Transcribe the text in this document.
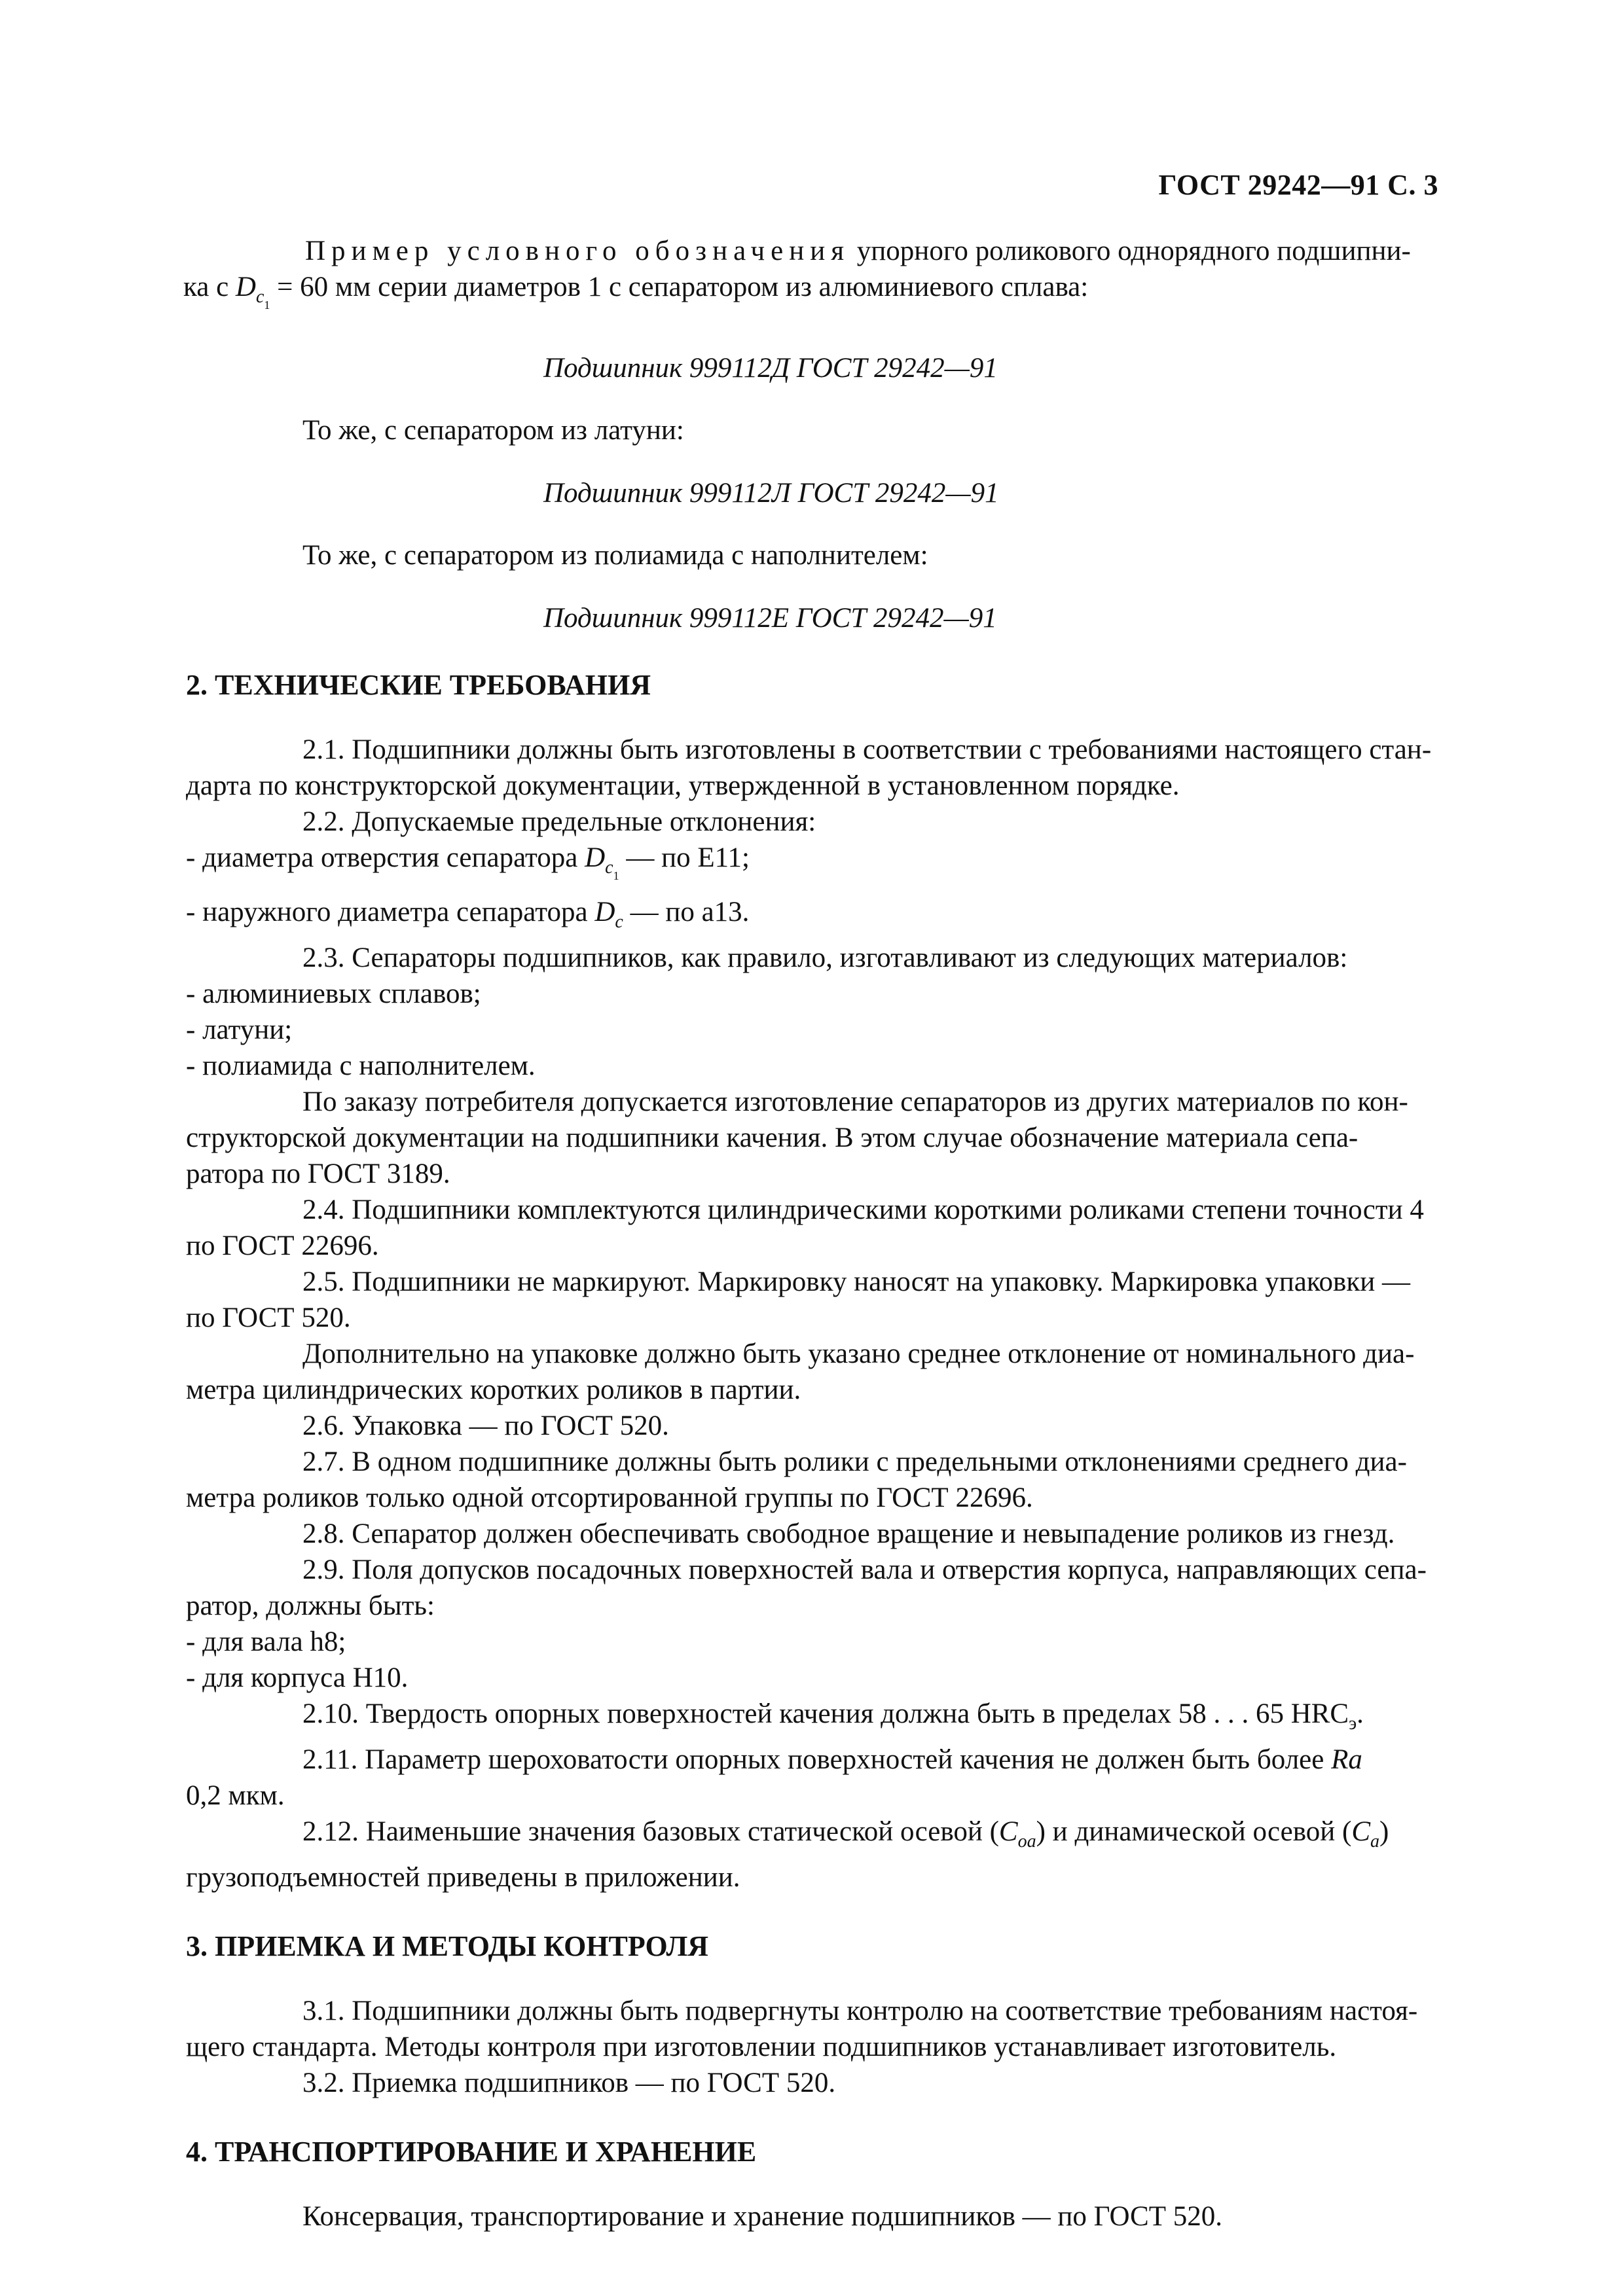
ГОСТ 29242—91 С. 3

Пример условного обозначения упорного роликового однорядного подшипни-

ка с $D_{c1} = 60$ мм серии диаметров 1 с сепаратором из алюминиевого сплава:

Подшипник 999112Д ГОСТ 29242—91

То же, с сепаратором из латуни:

Подшипник 999112Л ГОСТ 29242—91

То же, с сепаратором из полиамида с наполнителем:

Подшипник 999112Е ГОСТ 29242—91

2. ТЕХНИЧЕСКИЕ ТРЕБОВАНИЯ

2.1. Подшипники должны быть изготовлены в соответствии с требованиями настоящего стан-

дарта по конструкторской документации, утвержденной в установленном порядке.

2.2. Допускаемые предельные отклонения:

- диаметра отверстия сепаратора $D_{c1}$ — по E11;

- наружного диаметра сепаратора $D_c$ — по a13.

2.3. Сепараторы подшипников, как правило, изготавливают из следующих материалов:

- алюминиевых сплавов;

- латуни;

- полиамида с наполнителем.

По заказу потребителя допускается изготовление сепараторов из других материалов по кон-

структорской документации на подшипники качения. В этом случае обозначение материала сепа-

ратора по ГОСТ 3189.

2.4. Подшипники комплектуются цилиндрическими короткими роликами степени точности 4

по ГОСТ 22696.

2.5. Подшипники не маркируют. Маркировку наносят на упаковку. Маркировка упаковки —

по ГОСТ 520.

Дополнительно на упаковке должно быть указано среднее отклонение от номинального диа-

метра цилиндрических коротких роликов в партии.

2.6. Упаковка — по ГОСТ 520.

2.7. В одном подшипнике должны быть ролики с предельными отклонениями среднего диа-

метра роликов только одной отсортированной группы по ГОСТ 22696.

2.8. Сепаратор должен обеспечивать свободное вращение и невыпадение роликов из гнезд.

2.9. Поля допусков посадочных поверхностей вала и отверстия корпуса, направляющих сепа-

ратор, должны быть:

- для вала h8;

- для корпуса H10.

2.10. Твердость опорных поверхностей качения должна быть в пределах 58 . . . 65 $HRC_э$.

2.11. Параметр шероховатости опорных поверхностей качения не должен быть более Ra

0,2 мкм.

2.12. Наименьшие значения базовых статической осевой $(C_{oa})$ и динамической осевой $(C_a)$

грузоподъемностей приведены в приложении.

3. ПРИЕМКА И МЕТОДЫ КОНТРОЛЯ

3.1. Подшипники должны быть подвергнуты контролю на соответствие требованиям настоя-

щего стандарта. Методы контроля при изготовлении подшипников устанавливает изготовитель.

3.2. Приемка подшипников — по ГОСТ 520.

4. ТРАНСПОРТИРОВАНИЕ И ХРАНЕНИЕ

Консервация, транспортирование и хранение подшипников — по ГОСТ 520.
